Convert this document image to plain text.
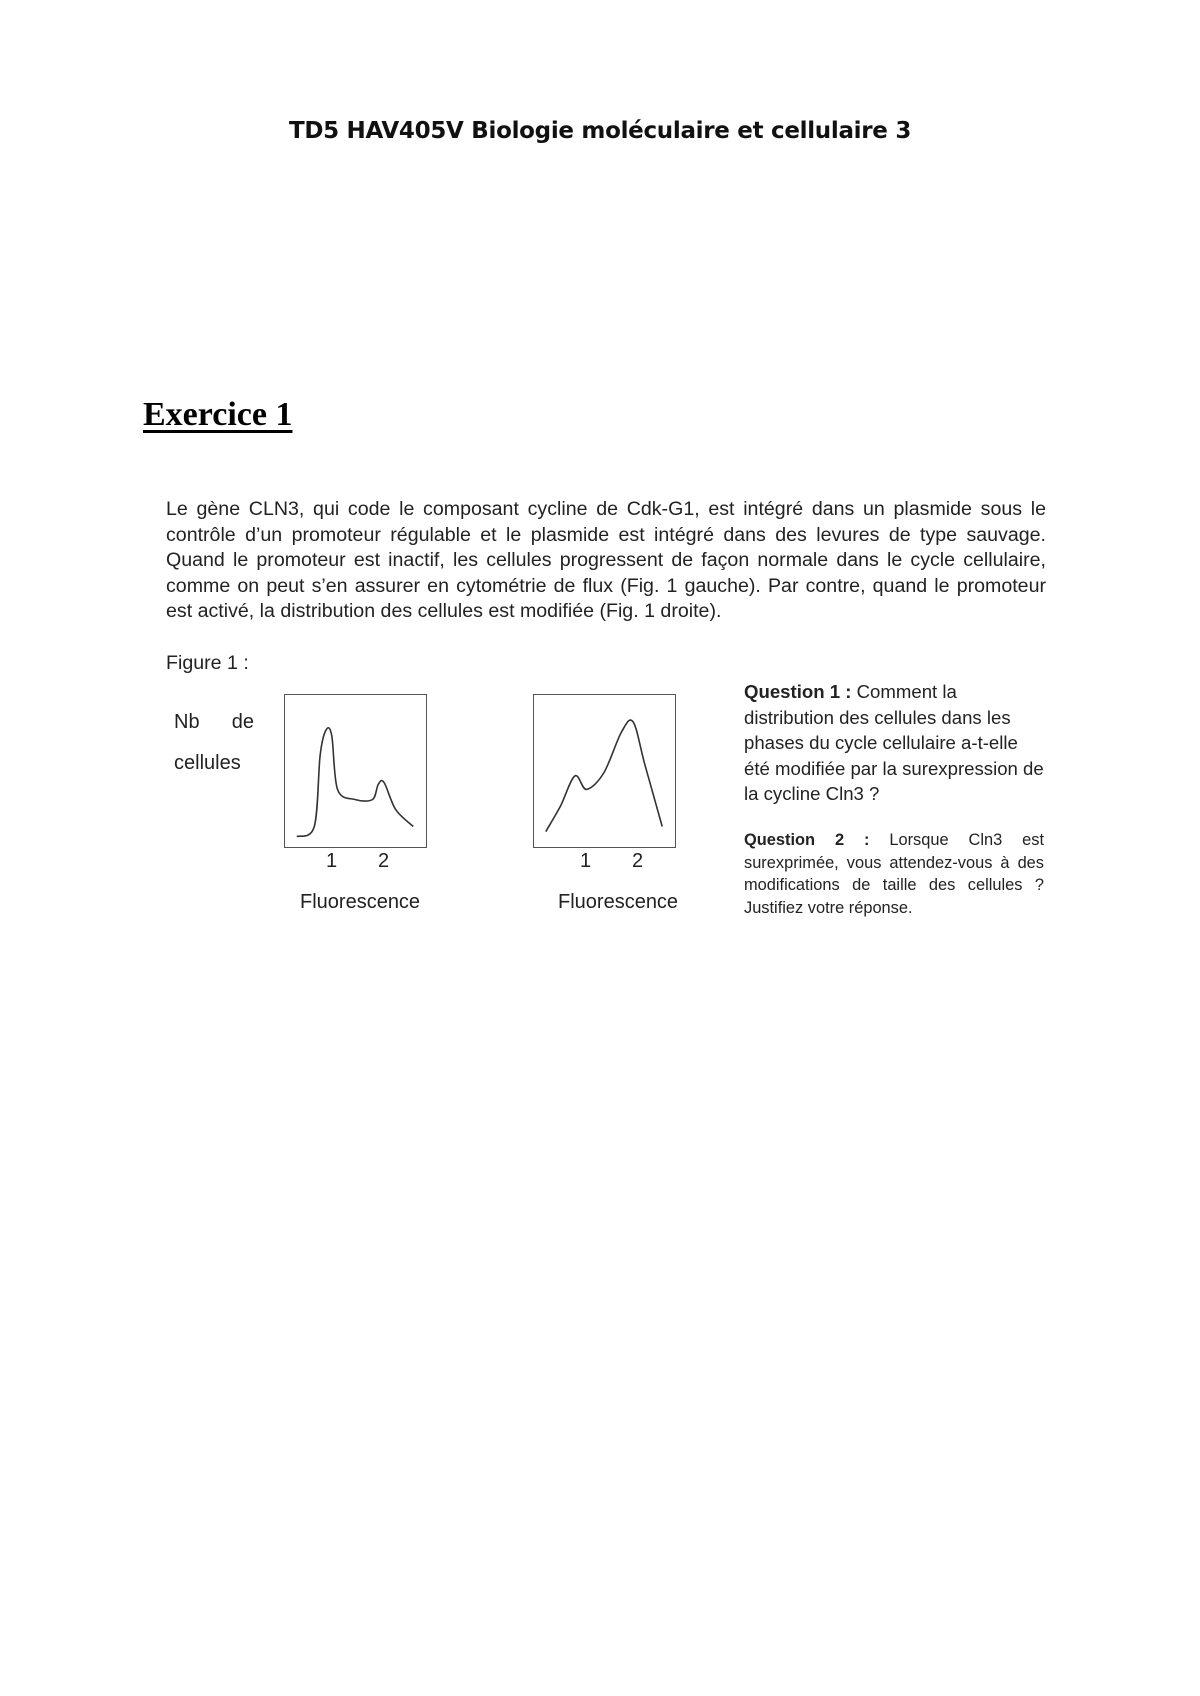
TD5 HAV405V Biologie moléculaire et cellulaire 3
Exercice 1

Le gène CLN3, qui code le composant cycline de Cdk-G1, est intégré dans un plasmide sous le contrôle d’un promoteur régulable et le plasmide est intégré dans des levures de type sauvage. Quand le promoteur est inactif, les cellules progressent de façon normale dans le cycle cellulaire, comme on peut s’en assurer en cytométrie de flux (Fig. 1 gauche). Par contre, quand le promoteur est activé, la distribution des cellules est modifiée (Fig. 1 droite).

Figure 1 :
Nb de
cellules
1 2
Fluorescence
1 2
Fluorescence
Question 1 : Comment la distribution des cellules dans les phases du cycle cellulaire a-t-elle été modifiée par la surexpression de la cycline Cln3 ?
Question 2 : Lorsque Cln3 est surexprimée, vous attendez-vous à des modifications de taille des cellules ? Justifiez votre réponse.
